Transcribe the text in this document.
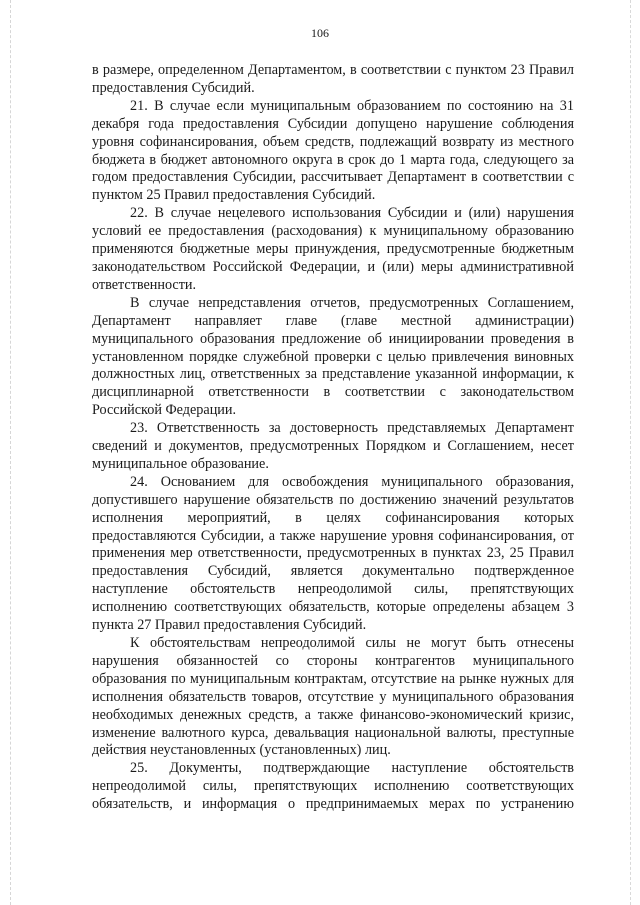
106

в размере, определенном Департаментом, в соответствии с пунктом 23 Правил предоставления Субсидий.

21. В случае если муниципальным образованием по состоянию на 31 декабря года предоставления Субсидии допущено нарушение соблюдения уровня софинансирования, объем средств, подлежащий возврату из местного бюджета в бюджет автономного округа в срок до 1 марта года, следующего за годом предоставления Субсидии, рассчитывает Департамент в соответствии с пунктом 25 Правил предоставления Субсидий.

22. В случае нецелевого использования Субсидии и (или) нарушения условий ее предоставления (расходования) к муниципальному образованию применяются бюджетные меры принуждения, предусмотренные бюджетным законодательством Российской Федерации, и (или) меры административной ответственности.

В случае непредставления отчетов, предусмотренных Соглашением, Департамент направляет главе (главе местной администрации) муниципального образования предложение об инициировании проведения в установленном порядке служебной проверки с целью привлечения виновных должностных лиц, ответственных за представление указанной информации, к дисциплинарной ответственности в соответствии с законодательством Российской Федерации.

23. Ответственность за достоверность представляемых Департамент сведений и документов, предусмотренных Порядком и Соглашением, несет муниципальное образование.

24. Основанием для освобождения муниципального образования, допустившего нарушение обязательств по достижению значений результатов исполнения мероприятий, в целях софинансирования которых предоставляются Субсидии, а также нарушение уровня софинансирования, от применения мер ответственности, предусмотренных в пунктах 23, 25 Правил предоставления Субсидий, является документально подтвержденное наступление обстоятельств непреодолимой силы, препятствующих исполнению соответствующих обязательств, которые определены абзацем 3 пункта 27 Правил предоставления Субсидий.

К обстоятельствам непреодолимой силы не могут быть отнесены нарушения обязанностей со стороны контрагентов муниципального образования по муниципальным контрактам, отсутствие на рынке нужных для исполнения обязательств товаров, отсутствие у муниципального образования необходимых денежных средств, а также финансово-экономический кризис, изменение валютного курса, девальвация национальной валюты, преступные действия неустановленных (установленных) лиц.

25. Документы, подтверждающие наступление обстоятельств непреодолимой силы, препятствующих исполнению соответствующих обязательств, и информация о предпринимаемых мерах по устранению
